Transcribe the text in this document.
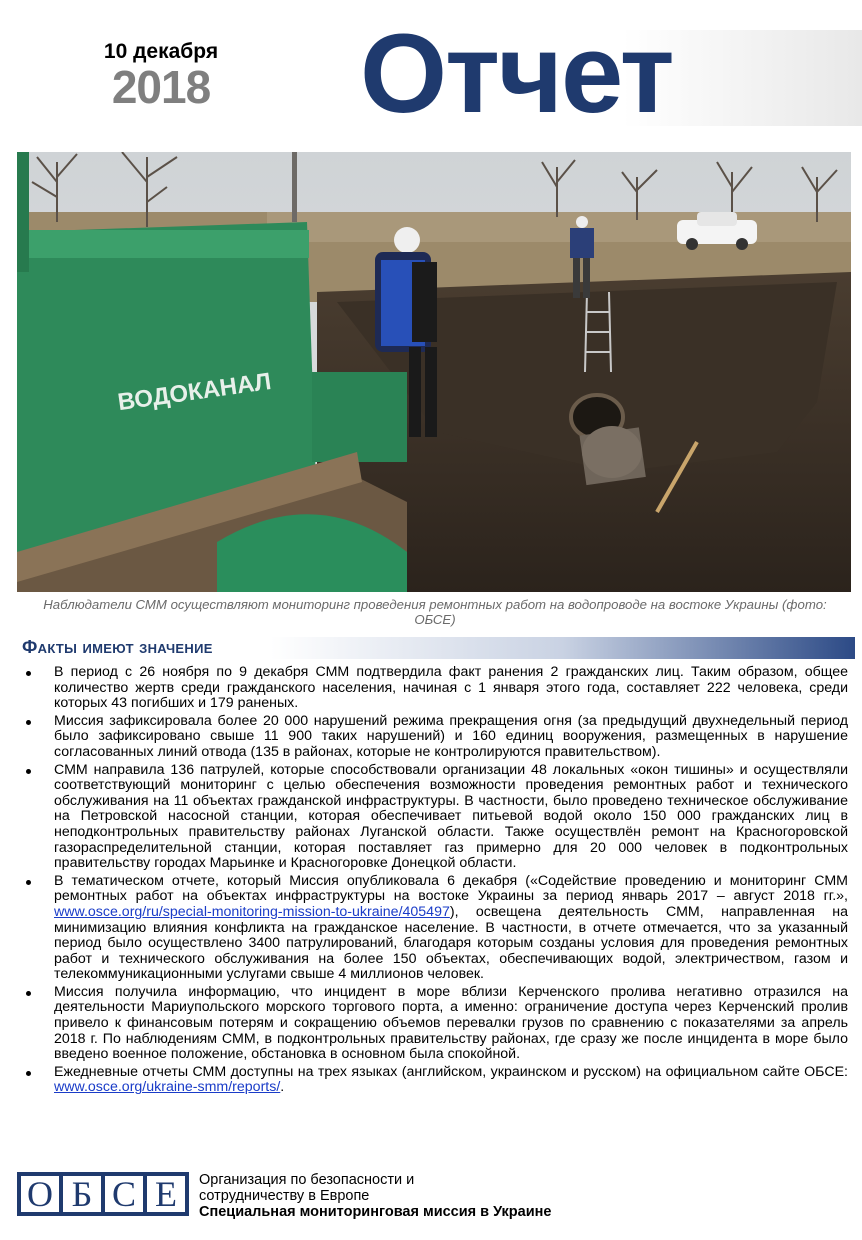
10 декабря
2018 Отчет
ВОДОКАНАЛ
Наблюдатели СММ осуществляют мониторинг проведения ремонтных работ на водопроводе на востоке Украины (фото: ОБСЕ)
Факты имеют значение
В период с 26 ноября по 9 декабря СММ подтвердила факт ранения 2 гражданских лиц. Таким образом, общее количество жертв среди гражданского населения, начиная с 1 января этого года, составляет 222 человека, среди которых 43 погибших и 179 раненых.
Миссия зафиксировала более 20 000 нарушений режима прекращения огня (за предыдущий двухнедельный период было зафиксировано свыше 11 900 таких нарушений) и 160 единиц вооружения, размещенных в нарушение согласованных линий отвода (135 в районах, которые не контролируются правительством).
СММ направила 136 патрулей, которые способствовали организации 48 локальных «окон тишины» и осуществляли соответствующий мониторинг с целью обеспечения возможности проведения ремонтных работ и технического обслуживания на 11 объектах гражданской инфраструктуры. В частности, было проведено техническое обслуживание на Петровской насосной станции, которая обеспечивает питьевой водой около 150 000 гражданских лиц в неподконтрольных правительству районах Луганской области. Также осуществлён ремонт на Красногоровской газораспределительной станции, которая поставляет газ примерно для 20 000 человек в подконтрольных правительству городах Марьинке и Красногоровке Донецкой области.
В тематическом отчете, который Миссия опубликовала 6 декабря («Содействие проведению и мониторинг СММ ремонтных работ на объектах инфраструктуры на востоке Украины за период январь 2017 – август 2018 гг.», www.osce.org/ru/special-monitoring-mission-to-ukraine/405497), освещена деятельность СММ, направленная на минимизацию влияния конфликта на гражданское население. В частности, в отчете отмечается, что за указанный период было осуществлено 3400 патрулирований, благодаря которым созданы условия для проведения ремонтных работ и технического обслуживания на более 150 объектах, обеспечивающих водой, электричеством, газом и телекоммуникационными услугами свыше 4 миллионов человек.
Миссия получила информацию, что инцидент в море вблизи Керченского пролива негативно отразился на деятельности Мариупольского морского торгового порта, а именно: ограничение доступа через Керченский пролив привело к финансовым потерям и сокращению объемов перевалки грузов по сравнению с показателями за апрель 2018 г. По наблюдениям СММ, в подконтрольных правительству районах, где сразу же после инцидента в море было введено военное положение, обстановка в основном была спокойной.
Ежедневные отчеты СММ доступны на трех языках (английском, украинском и русском) на официальном сайте ОБСЕ: www.osce.org/ukraine-smm/reports/.
О Б С Е	Организация по безопасности и
сотрудничеству в Европе
Специальная мониторинговая миссия в Украине
